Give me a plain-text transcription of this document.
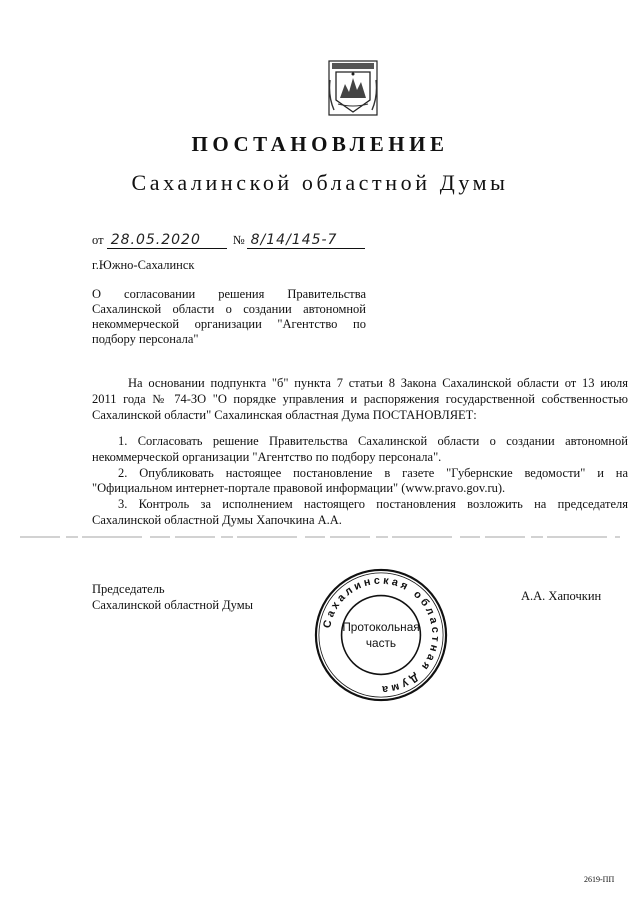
ПОСТАНОВЛЕНИЕ
Сахалинской областной Думы
от 28.05.2020	№ 8/14/145-7
г.Южно-Сахалинск
О согласовании решения Правительства
Сахалинской области о создании автономной
некоммерческой организации "Агентство по
подбору персонала"
На основании подпункта "б" пункта 7 статьи 8 Закона Сахалинской области от 13 июля
2011 года № 74-ЗО "О порядке управления и распоряжения государственной собственностью
Сахалинской области" Сахалинская областная Дума ПОСТАНОВЛЯЕТ:
1. Согласовать решение Правительства Сахалинской области о создании автономной
некоммерческой организации "Агентство по подбору персонала".
2. Опубликовать настоящее постановление в газете "Губернские ведомости" и на
"Официальном интернет-портале правовой информации" (www.pravo.gov.ru).
3. Контроль за исполнением настоящего постановления возложить на председателя
Сахалинской областной Думы Хапочкина А.А.
Председатель
Сахалинской областной Думы
А.А. Хапочкин
Сахалинская областная Дума
Протокольная
часть
2619-ПП
